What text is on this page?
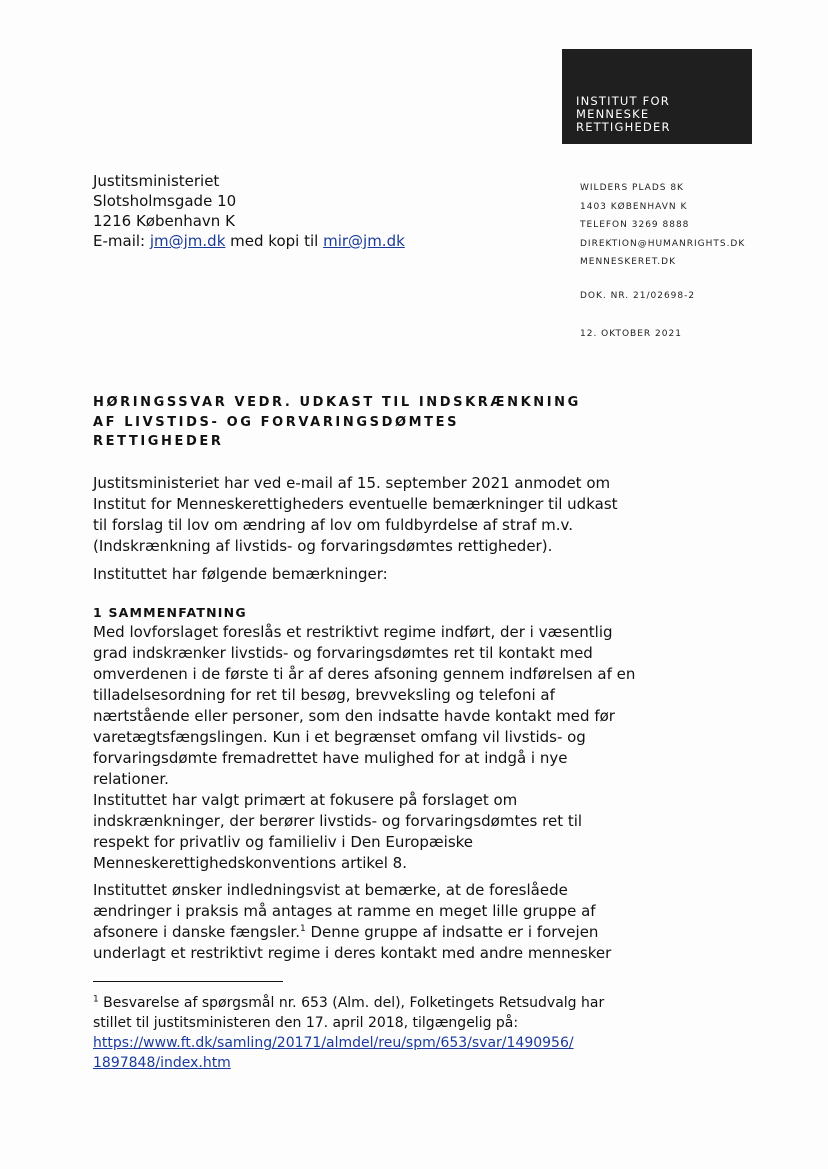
INSTITUT FOR
MENNESKE
RETTIGHEDER
Justitsministeriet
Slotsholmsgade 10
1216 København K
E-mail: jm@jm.dk med kopi til mir@jm.dk
WILDERS PLADS 8K
1403 KØBENHAVN K
TELEFON 3269 8888
DIREKTION@HUMANRIGHTS.DK
MENNESKERET.DK
DOK. NR. 21/02698-2
12. OKTOBER 2021
HØRINGSSVAR VEDR. UDKAST TIL INDSKRÆNKNING
AF LIVSTIDS- OG FORVARINGSDØMTES
RETTIGHEDER
Justitsministeriet har ved e-mail af 15. september 2021 anmodet om
Institut for Menneskerettigheders eventuelle bemærkninger til udkast
til forslag til lov om ændring af lov om fuldbyrdelse af straf m.v.
(Indskrænkning af livstids- og forvaringsdømtes rettigheder).
Instituttet har følgende bemærkninger:
1 SAMMENFATNING
Med lovforslaget foreslås et restriktivt regime indført, der i væsentlig
grad indskrænker livstids- og forvaringsdømtes ret til kontakt med
omverdenen i de første ti år af deres afsoning gennem indførelsen af en
tilladelsesordning for ret til besøg, brevveksling og telefoni af
nærtstående eller personer, som den indsatte havde kontakt med før
varetægtsfængslingen. Kun i et begrænset omfang vil livstids- og
forvaringsdømte fremadrettet have mulighed for at indgå i nye
relationer.
Instituttet har valgt primært at fokusere på forslaget om
indskrænkninger, der berører livstids- og forvaringsdømtes ret til
respekt for privatliv og familieliv i Den Europæiske
Menneskerettighedskonventions artikel 8.
Instituttet ønsker indledningsvist at bemærke, at de foreslåede
ændringer i praksis må antages at ramme en meget lille gruppe af
afsonere i danske fængsler.$^1$ Denne gruppe af indsatte er i forvejen
underlagt et restriktivt regime i deres kontakt med andre mennesker
$^1$ Besvarelse af spørgsmål nr. 653 (Alm. del), Folketingets Retsudvalg har
stillet til justitsministeren den 17. april 2018, tilgængelig på:
https://www.ft.dk/samling/20171/almdel/reu/spm/653/svar/1490956/
1897848/index.htm
